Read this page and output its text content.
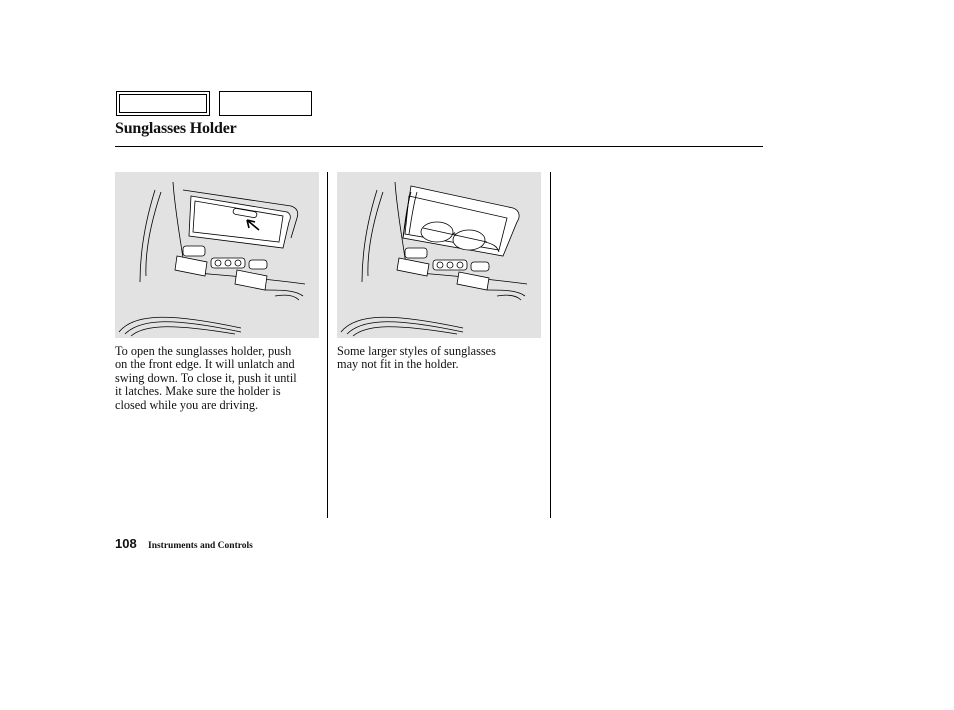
Sunglasses Holder

To open the sunglasses holder, push
on the front edge. It will unlatch and
swing down. To close it, push it until
it latches. Make sure the holder is
closed while you are driving.

Some larger styles of sunglasses
may not fit in the holder.

108 Instruments and Controls
